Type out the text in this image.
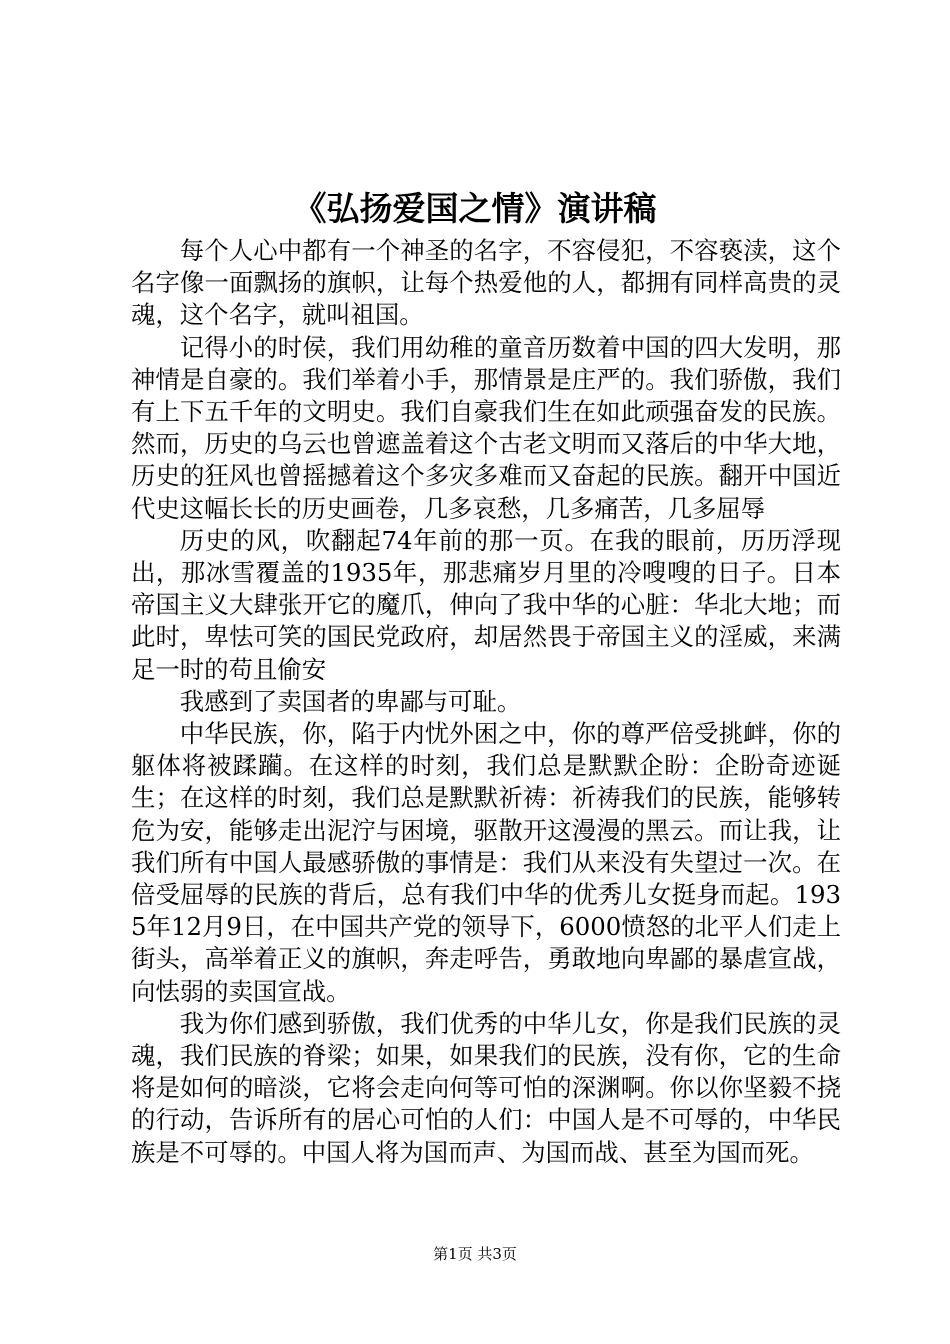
《弘扬爱国之情》演讲稿

每个人心中都有一个神圣的名字，不容侵犯，不容亵渎，这个名字像一面飘扬的旗帜，让每个热爱他的人，都拥有同样高贵的灵魂，这个名字，就叫祖国。

记得小的时侯，我们用幼稚的童音历数着中国的四大发明，那神情是自豪的。我们举着小手，那情景是庄严的。我们骄傲，我们有上下五千年的文明史。我们自豪我们生在如此顽强奋发的民族。然而，历史的乌云也曾遮盖着这个古老文明而又落后的中华大地，历史的狂风也曾摇撼着这个多灾多难而又奋起的民族。翻开中国近代史这幅长长的历史画卷，几多哀愁，几多痛苦，几多屈辱

历史的风，吹翻起74年前的那一页。在我的眼前，历历浮现出，那冰雪覆盖的1935年，那悲痛岁月里的冷嗖嗖的日子。日本帝国主义大肆张开它的魔爪，伸向了我中华的心脏：华北大地；而此时，卑怯可笑的国民党政府，却居然畏于帝国主义的淫威，来满足一时的苟且偷安

我感到了卖国者的卑鄙与可耻。

中华民族，你，陷于内忧外困之中，你的尊严倍受挑衅，你的躯体将被蹂躏。在这样的时刻，我们总是默默企盼：企盼奇迹诞生；在这样的时刻，我们总是默默祈祷：祈祷我们的民族，能够转危为安，能够走出泥泞与困境，驱散开这漫漫的黑云。而让我，让我们所有中国人最感骄傲的事情是：我们从来没有失望过一次。在倍受屈辱的民族的背后，总有我们中华的优秀儿女挺身而起。1935年12月9日，在中国共产党的领导下，6000愤怒的北平人们走上街头，高举着正义的旗帜，奔走呼告，勇敢地向卑鄙的暴虐宣战，向怯弱的卖国宣战。

我为你们感到骄傲，我们优秀的中华儿女，你是我们民族的灵魂，我们民族的脊梁；如果，如果我们的民族，没有你，它的生命将是如何的暗淡，它将会走向何等可怕的深渊啊。你以你坚毅不挠的行动，告诉所有的居心可怕的人们：中国人是不可辱的，中华民族是不可辱的。中国人将为国而声、为国而战、甚至为国而死。

第1页 共3页
